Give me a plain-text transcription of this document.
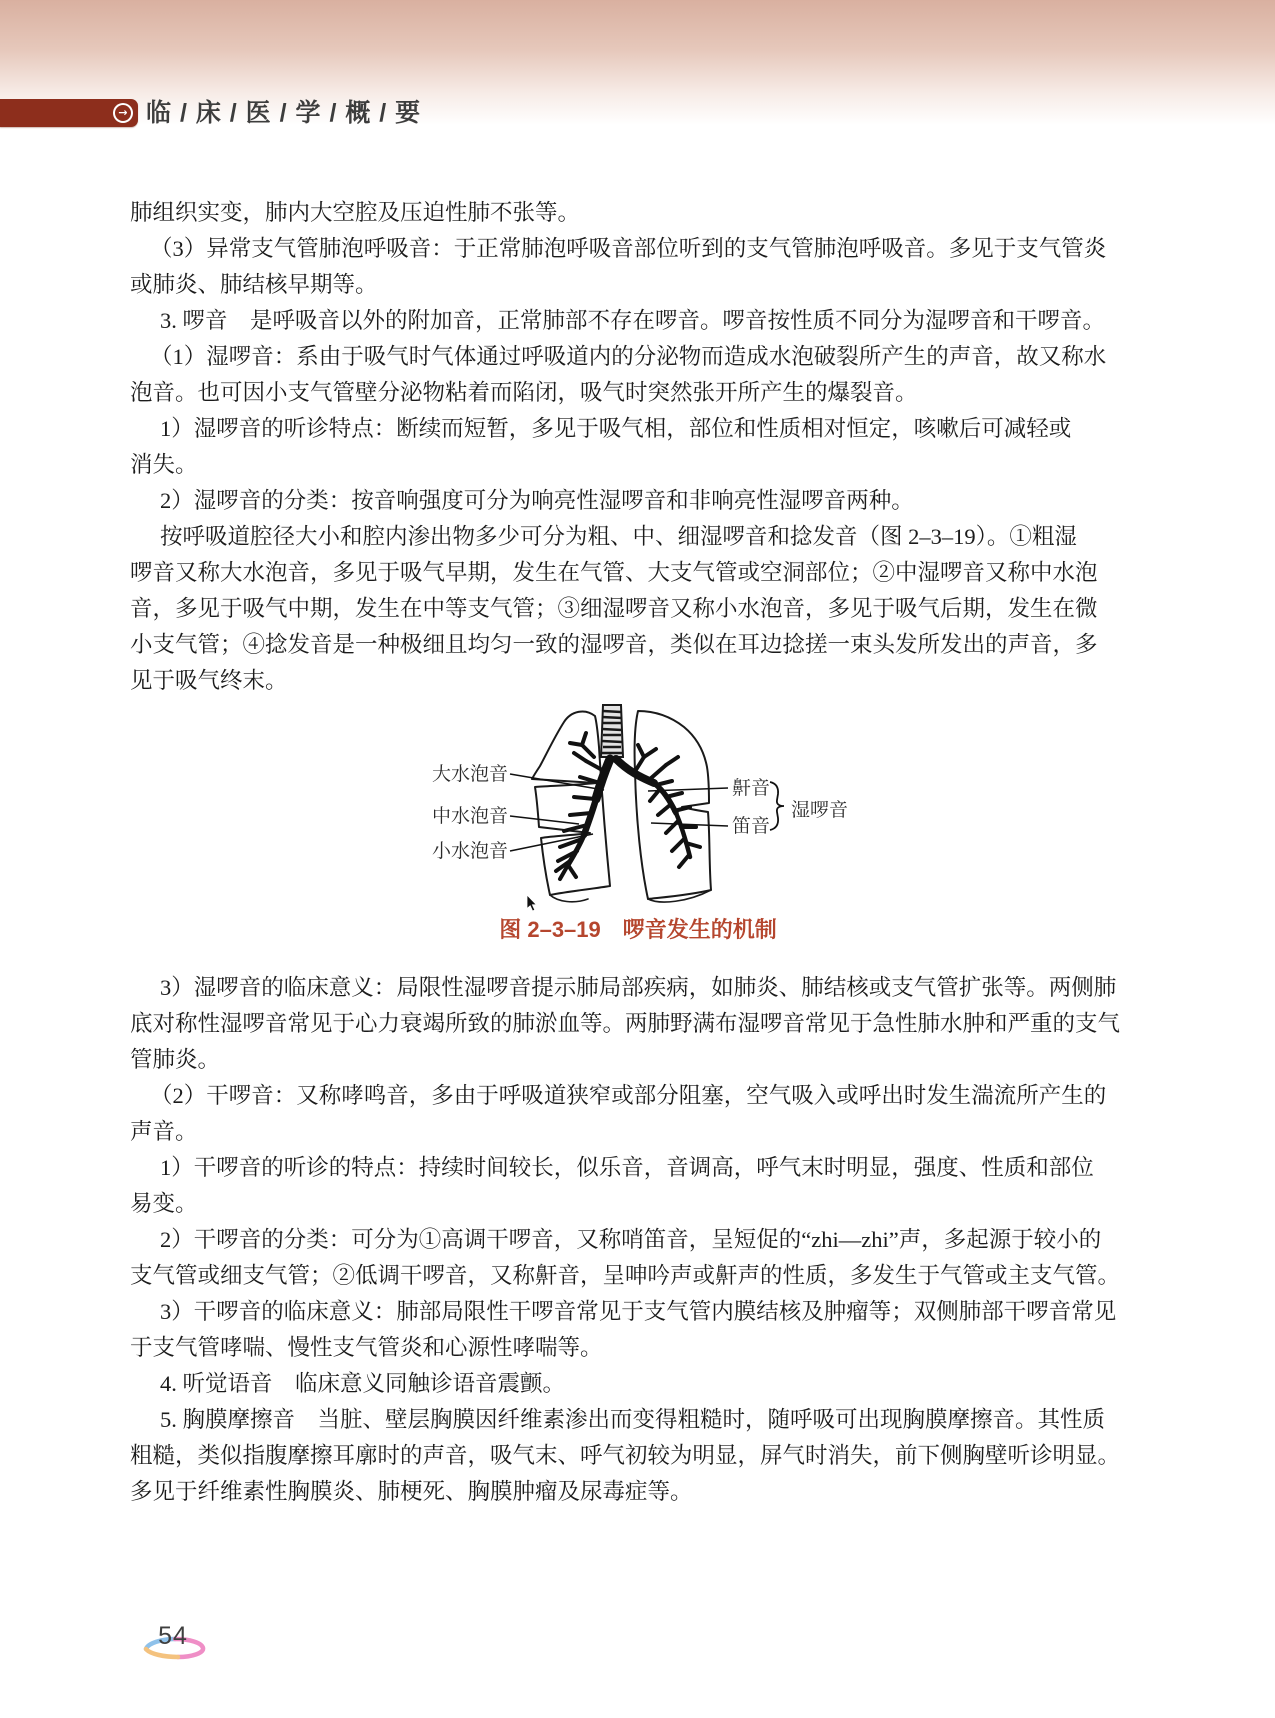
→ 临 / 床 / 医 / 学 / 概 / 要
肺组织实变，肺内大空腔及压迫性肺不张等。
（3）异常支气管肺泡呼吸音：于正常肺泡呼吸音部位听到的支气管肺泡呼吸音。多见于支气管炎
或肺炎、肺结核早期等。
3. 啰音　是呼吸音以外的附加音，正常肺部不存在啰音。啰音按性质不同分为湿啰音和干啰音。
（1）湿啰音：系由于吸气时气体通过呼吸道内的分泌物而造成水泡破裂所产生的声音，故又称水
泡音。也可因小支气管壁分泌物粘着而陷闭，吸气时突然张开所产生的爆裂音。
1）湿啰音的听诊特点：断续而短暂，多见于吸气相，部位和性质相对恒定，咳嗽后可减轻或
消失。
2）湿啰音的分类：按音响强度可分为响亮性湿啰音和非响亮性湿啰音两种。
按呼吸道腔径大小和腔内渗出物多少可分为粗、中、细湿啰音和捻发音（图 2–3–19）。①粗湿
啰音又称大水泡音，多见于吸气早期，发生在气管、大支气管或空洞部位；②中湿啰音又称中水泡
音，多见于吸气中期，发生在中等支气管；③细湿啰音又称小水泡音，多见于吸气后期，发生在微
小支气管；④捻发音是一种极细且均匀一致的湿啰音，类似在耳边捻搓一束头发所发出的声音，多
见于吸气终末。
大水泡音
中水泡音
小水泡音
鼾音
笛音
湿啰音
图 2–3–19　啰音发生的机制
3）湿啰音的临床意义：局限性湿啰音提示肺局部疾病，如肺炎、肺结核或支气管扩张等。两侧肺
底对称性湿啰音常见于心力衰竭所致的肺淤血等。两肺野满布湿啰音常见于急性肺水肿和严重的支气
管肺炎。
（2）干啰音：又称哮鸣音，多由于呼吸道狭窄或部分阻塞，空气吸入或呼出时发生湍流所产生的
声音。
1）干啰音的听诊的特点：持续时间较长，似乐音，音调高，呼气末时明显，强度、性质和部位
易变。
2）干啰音的分类：可分为①高调干啰音，又称哨笛音，呈短促的“zhi—zhi”声，多起源于较小的
支气管或细支气管；②低调干啰音，又称鼾音，呈呻吟声或鼾声的性质，多发生于气管或主支气管。
3）干啰音的临床意义：肺部局限性干啰音常见于支气管内膜结核及肿瘤等；双侧肺部干啰音常见
于支气管哮喘、慢性支气管炎和心源性哮喘等。
4. 听觉语音　临床意义同触诊语音震颤。
5. 胸膜摩擦音　当脏、壁层胸膜因纤维素渗出而变得粗糙时，随呼吸可出现胸膜摩擦音。其性质
粗糙，类似指腹摩擦耳廓时的声音，吸气末、呼气初较为明显，屏气时消失，前下侧胸壁听诊明显。
多见于纤维素性胸膜炎、肺梗死、胸膜肿瘤及尿毒症等。
54
